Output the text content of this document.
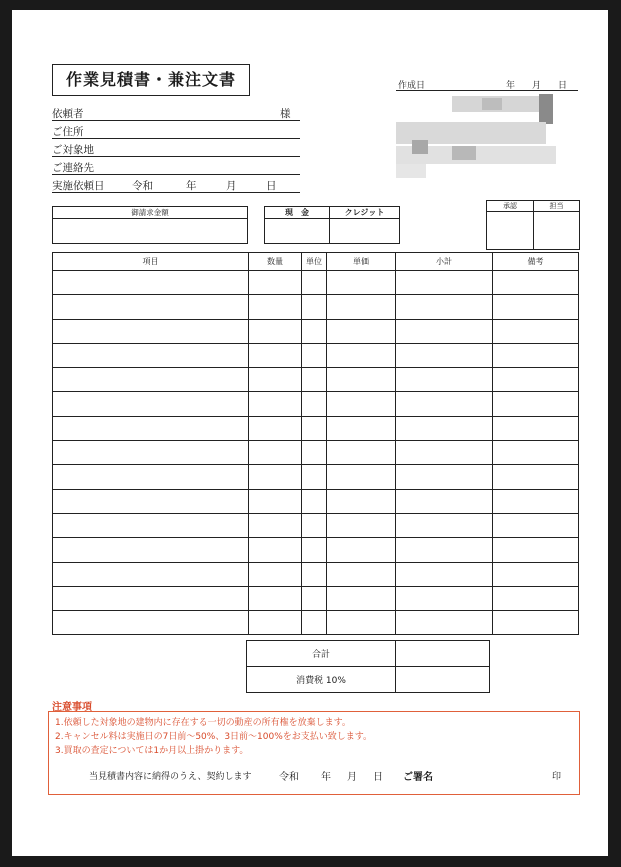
作業見積書・兼注文書	作成日	年 月 日
依頼者	様
ご住所
ご対象地
ご連絡先
実施依頼日	令和	年	月	日
御請求金額	現　金	クレジット
承認	担当
項目	数量	単位	単価	小計	備考

合計	
消費税 10%	
注意事項
1.依頼した対象地の建物内に存在する一切の動産の所有権を放棄します。
2.キャンセル料は実施日の7日前～50%、3日前～100%をお支払い致します。
3.買取の査定については1か月以上掛かります。
当見積書内容に納得のうえ、契約します	令和 年 月 日 ご署名	印
